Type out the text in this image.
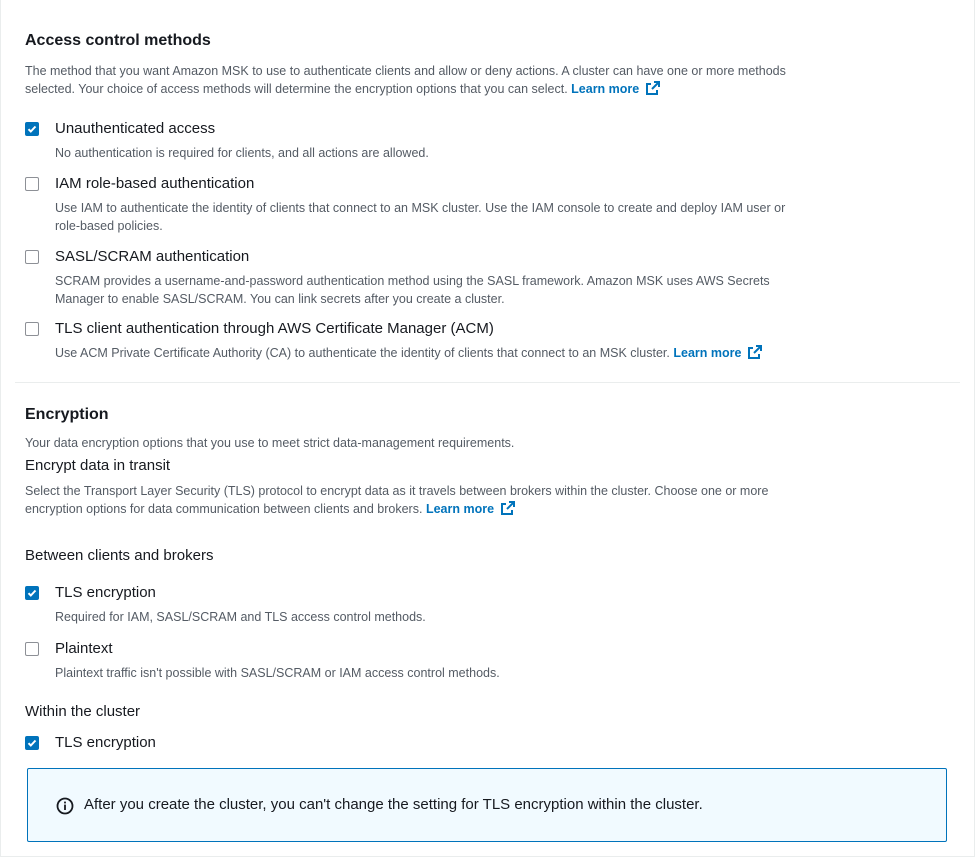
Access control methods
The method that you want Amazon MSK to use to authenticate clients and allow or deny actions. A cluster can have one or more methods
selected. Your choice of access methods will determine the encryption options that you can select. Learn more
Unauthenticated access
No authentication is required for clients, and all actions are allowed.
IAM role-based authentication
Use IAM to authenticate the identity of clients that connect to an MSK cluster. Use the IAM console to create and deploy IAM user or
role-based policies.
SASL/SCRAM authentication
SCRAM provides a username-and-password authentication method using the SASL framework. Amazon MSK uses AWS Secrets
Manager to enable SASL/SCRAM. You can link secrets after you create a cluster.
TLS client authentication through AWS Certificate Manager (ACM)
Use ACM Private Certificate Authority (CA) to authenticate the identity of clients that connect to an MSK cluster. Learn more
Encryption
Your data encryption options that you use to meet strict data-management requirements.
Encrypt data in transit
Select the Transport Layer Security (TLS) protocol to encrypt data as it travels between brokers within the cluster. Choose one or more
encryption options for data communication between clients and brokers. Learn more
Between clients and brokers
TLS encryption
Required for IAM, SASL/SCRAM and TLS access control methods.
Plaintext
Plaintext traffic isn't possible with SASL/SCRAM or IAM access control methods.
Within the cluster
TLS encryption
After you create the cluster, you can't change the setting for TLS encryption within the cluster.
